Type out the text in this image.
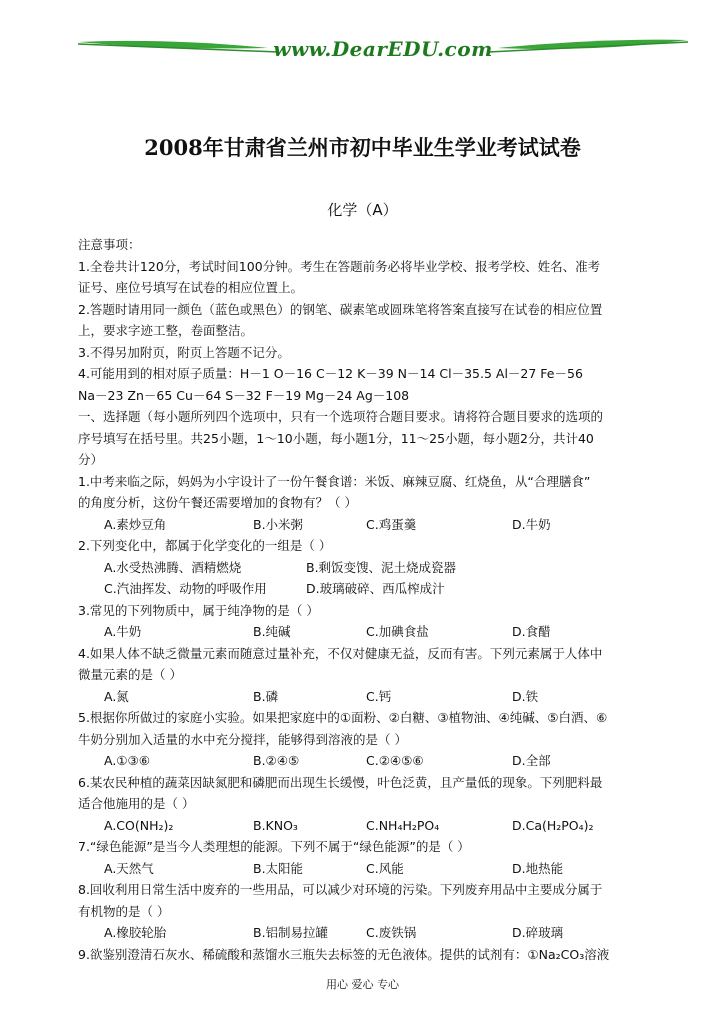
www.DearEDU.com
2008年甘肃省兰州市初中毕业生学业考试试卷
化学（A）
注意事项：
1.全卷共计120分，考试时间100分钟。考生在答题前务必将毕业学校、报考学校、姓名、准考
证号、座位号填写在试卷的相应位置上。
2.答题时请用同一颜色（蓝色或黑色）的钢笔、碳素笔或圆珠笔将答案直接写在试卷的相应位置
上，要求字迹工整，卷面整洁。
3.不得另加附页，附页上答题不记分。
4.可能用到的相对原子质量：H－1 O－16 C－12 K－39 N－14 Cl－35.5 Al－27 Fe－56
Na－23 Zn－65 Cu－64 S－32 F－19 Mg－24 Ag－108
一、选择题（每小题所列四个选项中，只有一个选项符合题目要求。请将符合题目要求的选项的
序号填写在括号里。共25小题，1～10小题，每小题1分，11～25小题，每小题2分，共计40
分）
1.中考来临之际，妈妈为小宇设计了一份午餐食谱：米饭、麻辣豆腐、红烧鱼，从“合理膳食”
的角度分析，这份午餐还需要增加的食物有？（ ）
A.素炒豆角	B.小米粥	C.鸡蛋羹	D.牛奶
2.下列变化中，都属于化学变化的一组是（ ）
A.水受热沸腾、酒精燃烧	B.剩饭变馊、泥土烧成瓷器
C.汽油挥发、动物的呼吸作用	D.玻璃破碎、西瓜榨成汁
3.常见的下列物质中，属于纯净物的是（ ）
A.牛奶	B.纯碱	C.加碘食盐	D.食醋
4.如果人体不缺乏微量元素而随意过量补充，不仅对健康无益，反而有害。下列元素属于人体中
微量元素的是（ ）
A.氮	B.磷	C.钙	D.铁
5.根据你所做过的家庭小实验。如果把家庭中的①面粉、②白糖、③植物油、④纯碱、⑤白酒、⑥
牛奶分别加入适量的水中充分搅拌，能够得到溶液的是（ ）
A.①③⑥	B.②④⑤	C.②④⑤⑥	D.全部
6.某农民种植的蔬菜因缺氮肥和磷肥而出现生长缓慢，叶色泛黄，且产量低的现象。下列肥料最
适合他施用的是（ ）
A.CO(NH₂)₂	B.KNO₃	C.NH₄H₂PO₄	D.Ca(H₂PO₄)₂
7.“绿色能源”是当今人类理想的能源。下列不属于“绿色能源”的是（ ）
A.天然气	B.太阳能	C.风能	D.地热能
8.回收利用日常生活中废弃的一些用品，可以减少对环境的污染。下列废弃用品中主要成分属于
有机物的是（ ）
A.橡胶轮胎	B.铝制易拉罐	C.废铁锅	D.碎玻璃
9.欲鉴别澄清石灰水、稀硫酸和蒸馏水三瓶失去标签的无色液体。提供的试剂有：①Na₂CO₃溶液
用心 爱心 专心
